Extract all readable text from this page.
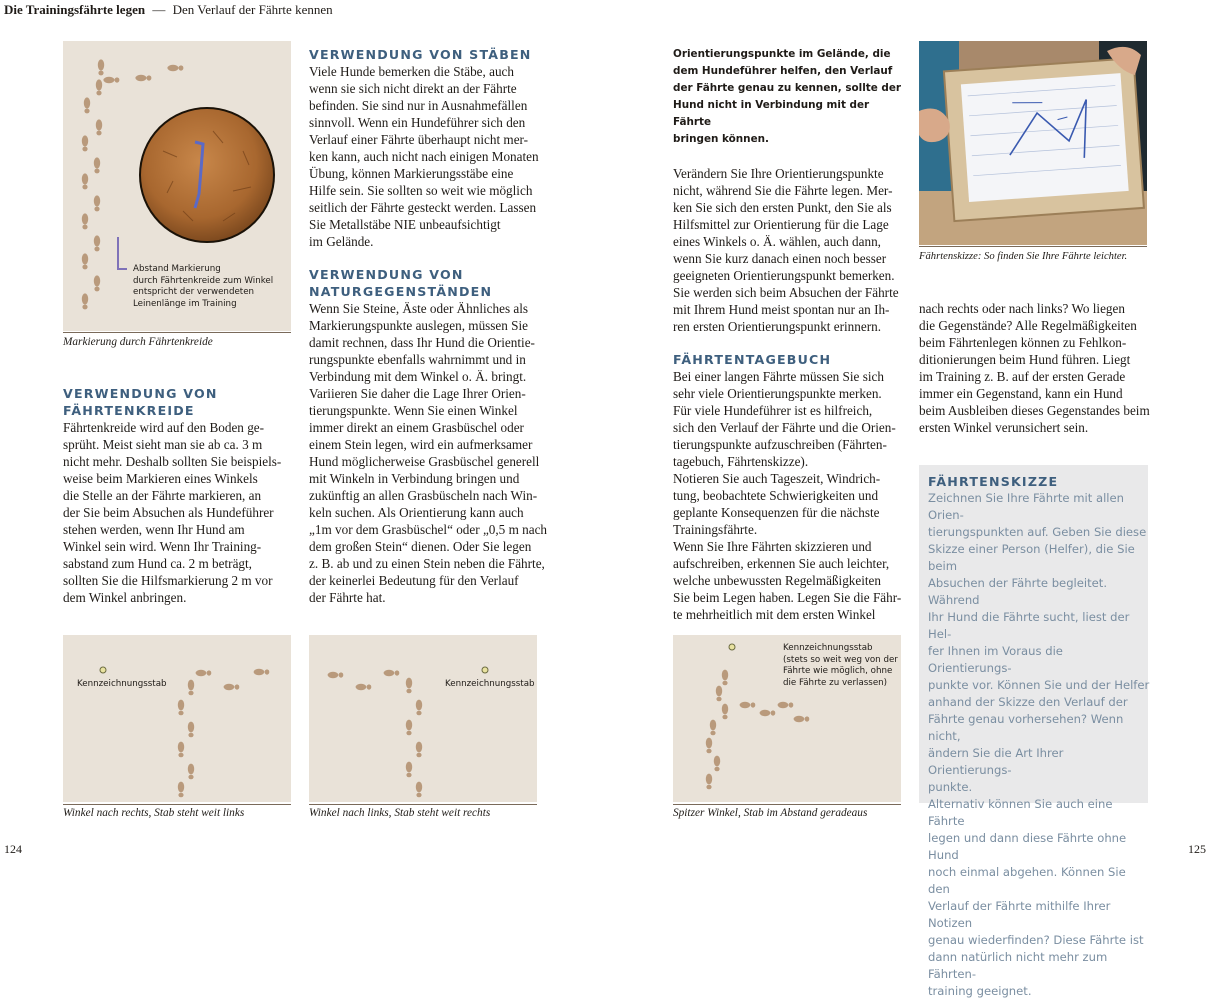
Die Trainingsfährte legen — Den Verlauf der Fährte kennen
Abstand Markierung
durch Fährtenkreide zum Winkel
entspricht der verwendeten
Leinenlänge im Training
Markierung durch Fährtenkreide
VERWENDUNG VON
FÄHRTENKREIDE
Fährtenkreide wird auf den Boden ge-
sprüht. Meist sieht man sie ab ca. 3 m
nicht mehr. Deshalb sollten Sie beispiels-
weise beim Markieren eines Winkels
die Stelle an der Fährte markieren, an
der Sie beim Absuchen als Hundeführer
stehen werden, wenn Ihr Hund am
Winkel sein wird. Wenn Ihr Training-
sabstand zum Hund ca. 2 m beträgt,
sollten Sie die Hilfsmarkierung 2 m vor
dem Winkel anbringen.
VERWENDUNG VON STÄBEN
Viele Hunde bemerken die Stäbe, auch
wenn sie sich nicht direkt an der Fährte
befinden. Sie sind nur in Ausnahmefällen
sinnvoll. Wenn ein Hundeführer sich den
Verlauf einer Fährte überhaupt nicht mer-
ken kann, auch nicht nach einigen Monaten
Übung, können Markierungsstäbe eine
Hilfe sein. Sie sollten so weit wie möglich
seitlich der Fährte gesteckt werden. Lassen
Sie Metallstäbe NIE unbeaufsichtigt
im Gelände.
VERWENDUNG VON
NATURGEGENSTÄNDEN
Wenn Sie Steine, Äste oder Ähnliches als
Markierungspunkte auslegen, müssen Sie
damit rechnen, dass Ihr Hund die Orientie-
rungspunkte ebenfalls wahrnimmt und in
Verbindung mit dem Winkel o. Ä. bringt.
Variieren Sie daher die Lage Ihrer Orien-
tierungspunkte. Wenn Sie einen Winkel
immer direkt an einem Grasbüschel oder
einem Stein legen, wird ein aufmerksamer
Hund möglicherweise Grasbüschel generell
mit Winkeln in Verbindung bringen und
zukünftig an allen Grasbüscheln nach Win-
keln suchen. Als Orientierung kann auch
„1m vor dem Grasbüschel“ oder „0,5 m nach
dem großen Stein“ dienen. Oder Sie legen
z. B. ab und zu einen Stein neben die Fährte,
der keinerlei Bedeutung für den Verlauf
der Fährte hat.
Orientierungspunkte im Gelände, die
dem Hundeführer helfen, den Verlauf
der Fährte genau zu kennen, sollte der
Hund nicht in Verbindung mit der Fährte
bringen können.
Verändern Sie Ihre Orientierungspunkte
nicht, während Sie die Fährte legen. Mer-
ken Sie sich den ersten Punkt, den Sie als
Hilfsmittel zur Orientierung für die Lage
eines Winkels o. Ä. wählen, auch dann,
wenn Sie kurz danach einen noch besser
geeigneten Orientierungspunkt bemerken.
Sie werden sich beim Absuchen der Fährte
mit Ihrem Hund meist spontan nur an Ih-
ren ersten Orientierungspunkt erinnern.
FÄHRTENTAGEBUCH
Bei einer langen Fährte müssen Sie sich
sehr viele Orientierungspunkte merken.
Für viele Hundeführer ist es hilfreich,
sich den Verlauf der Fährte und die Orien-
tierungspunkte aufzuschreiben (Fährten-
tagebuch, Fährtenskizze).
Notieren Sie auch Tageszeit, Windrich-
tung, beobachtete Schwierigkeiten und
geplante Konsequenzen für die nächste
Trainingsfährte.
Wenn Sie Ihre Fährten skizzieren und
aufschreiben, erkennen Sie auch leichter,
welche unbewussten Regelmäßigkeiten
Sie beim Legen haben. Legen Sie die Fähr-
te mehrheitlich mit dem ersten Winkel
Fährtenskizze: So finden Sie Ihre Fährte leichter.
nach rechts oder nach links? Wo liegen
die Gegenstände? Alle Regelmäßigkeiten
beim Fährtenlegen können zu Fehlkon-
ditionierungen beim Hund führen. Liegt
im Training z. B. auf der ersten Gerade
immer ein Gegenstand, kann ein Hund
beim Ausbleiben dieses Gegenstandes beim
ersten Winkel verunsichert sein.
FÄHRTENSKIZZE

Zeichnen Sie Ihre Fährte mit allen Orien-

tierungspunkten auf. Geben Sie diese

Skizze einer Person (Helfer), die Sie beim

Absuchen der Fährte begleitet. Während

Ihr Hund die Fährte sucht, liest der Hel-

fer Ihnen im Voraus die Orientierungs-

punkte vor. Können Sie und der Helfer

anhand der Skizze den Verlauf der

Fährte genau vorhersehen? Wenn nicht,

ändern Sie die Art Ihrer Orientierungs-

punkte.

Alternativ können Sie auch eine Fährte

legen und dann diese Fährte ohne Hund

noch einmal abgehen. Können Sie den

Verlauf der Fährte mithilfe Ihrer Notizen

genau wiederfinden? Diese Fährte ist

dann natürlich nicht mehr zum Fährten-

training geeignet.

Kennzeichnungsstab
Winkel nach rechts, Stab steht weit links
Kennzeichnungsstab
Winkel nach links, Stab steht weit rechts
Kennzeichnungsstab
(stets so weit weg von der
Fährte wie möglich, ohne
die Fährte zu verlassen)
Spitzer Winkel, Stab im Abstand geradeaus
124	125
